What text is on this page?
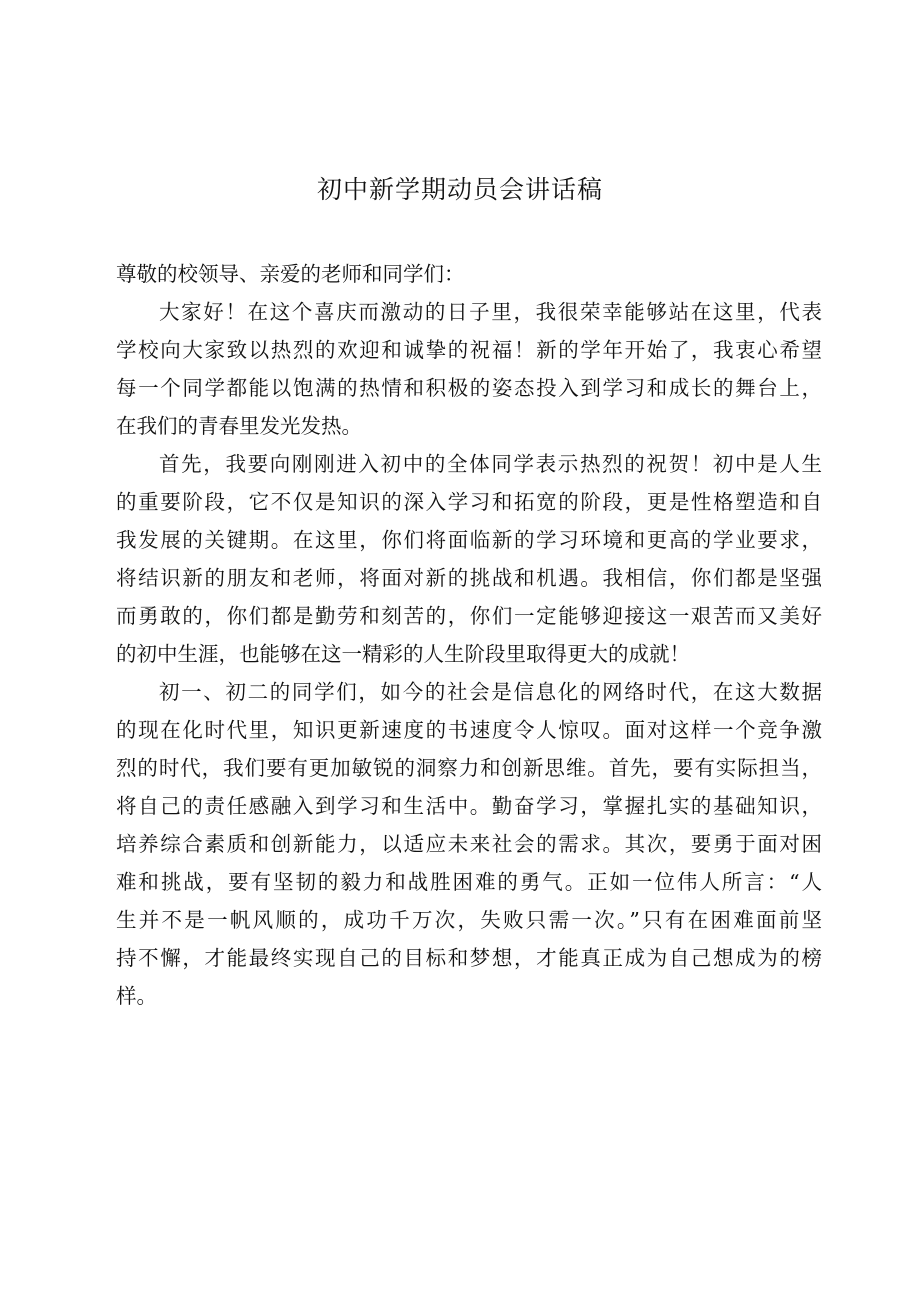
初中新学期动员会讲话稿

尊敬的校领导、亲爱的老师和同学们：

大家好！在这个喜庆而激动的日子里，我很荣幸能够站在这里，代表
学校向大家致以热烈的欢迎和诚挚的祝福！新的学年开始了，我衷心希望
每一个同学都能以饱满的热情和积极的姿态投入到学习和成长的舞台上，
在我们的青春里发光发热。
首先，我要向刚刚进入初中的全体同学表示热烈的祝贺！初中是人生
的重要阶段，它不仅是知识的深入学习和拓宽的阶段，更是性格塑造和自
我发展的关键期。在这里，你们将面临新的学习环境和更高的学业要求，
将结识新的朋友和老师，将面对新的挑战和机遇。我相信，你们都是坚强
而勇敢的，你们都是勤劳和刻苦的，你们一定能够迎接这一艰苦而又美好
的初中生涯，也能够在这一精彩的人生阶段里取得更大的成就！
初一、初二的同学们，如今的社会是信息化的网络时代，在这大数据
的现在化时代里，知识更新速度的书速度令人惊叹。面对这样一个竞争激
烈的时代，我们要有更加敏锐的洞察力和创新思维。首先，要有实际担当，
将自己的责任感融入到学习和生活中。勤奋学习，掌握扎实的基础知识，
培养综合素质和创新能力，以适应未来社会的需求。其次，要勇于面对困
难和挑战，要有坚韧的毅力和战胜困难的勇气。正如一位伟人所言：“人
生并不是一帆风顺的，成功千万次，失败只需一次。”只有在困难面前坚
持不懈，才能最终实现自己的目标和梦想，才能真正成为自己想成为的榜
样。
